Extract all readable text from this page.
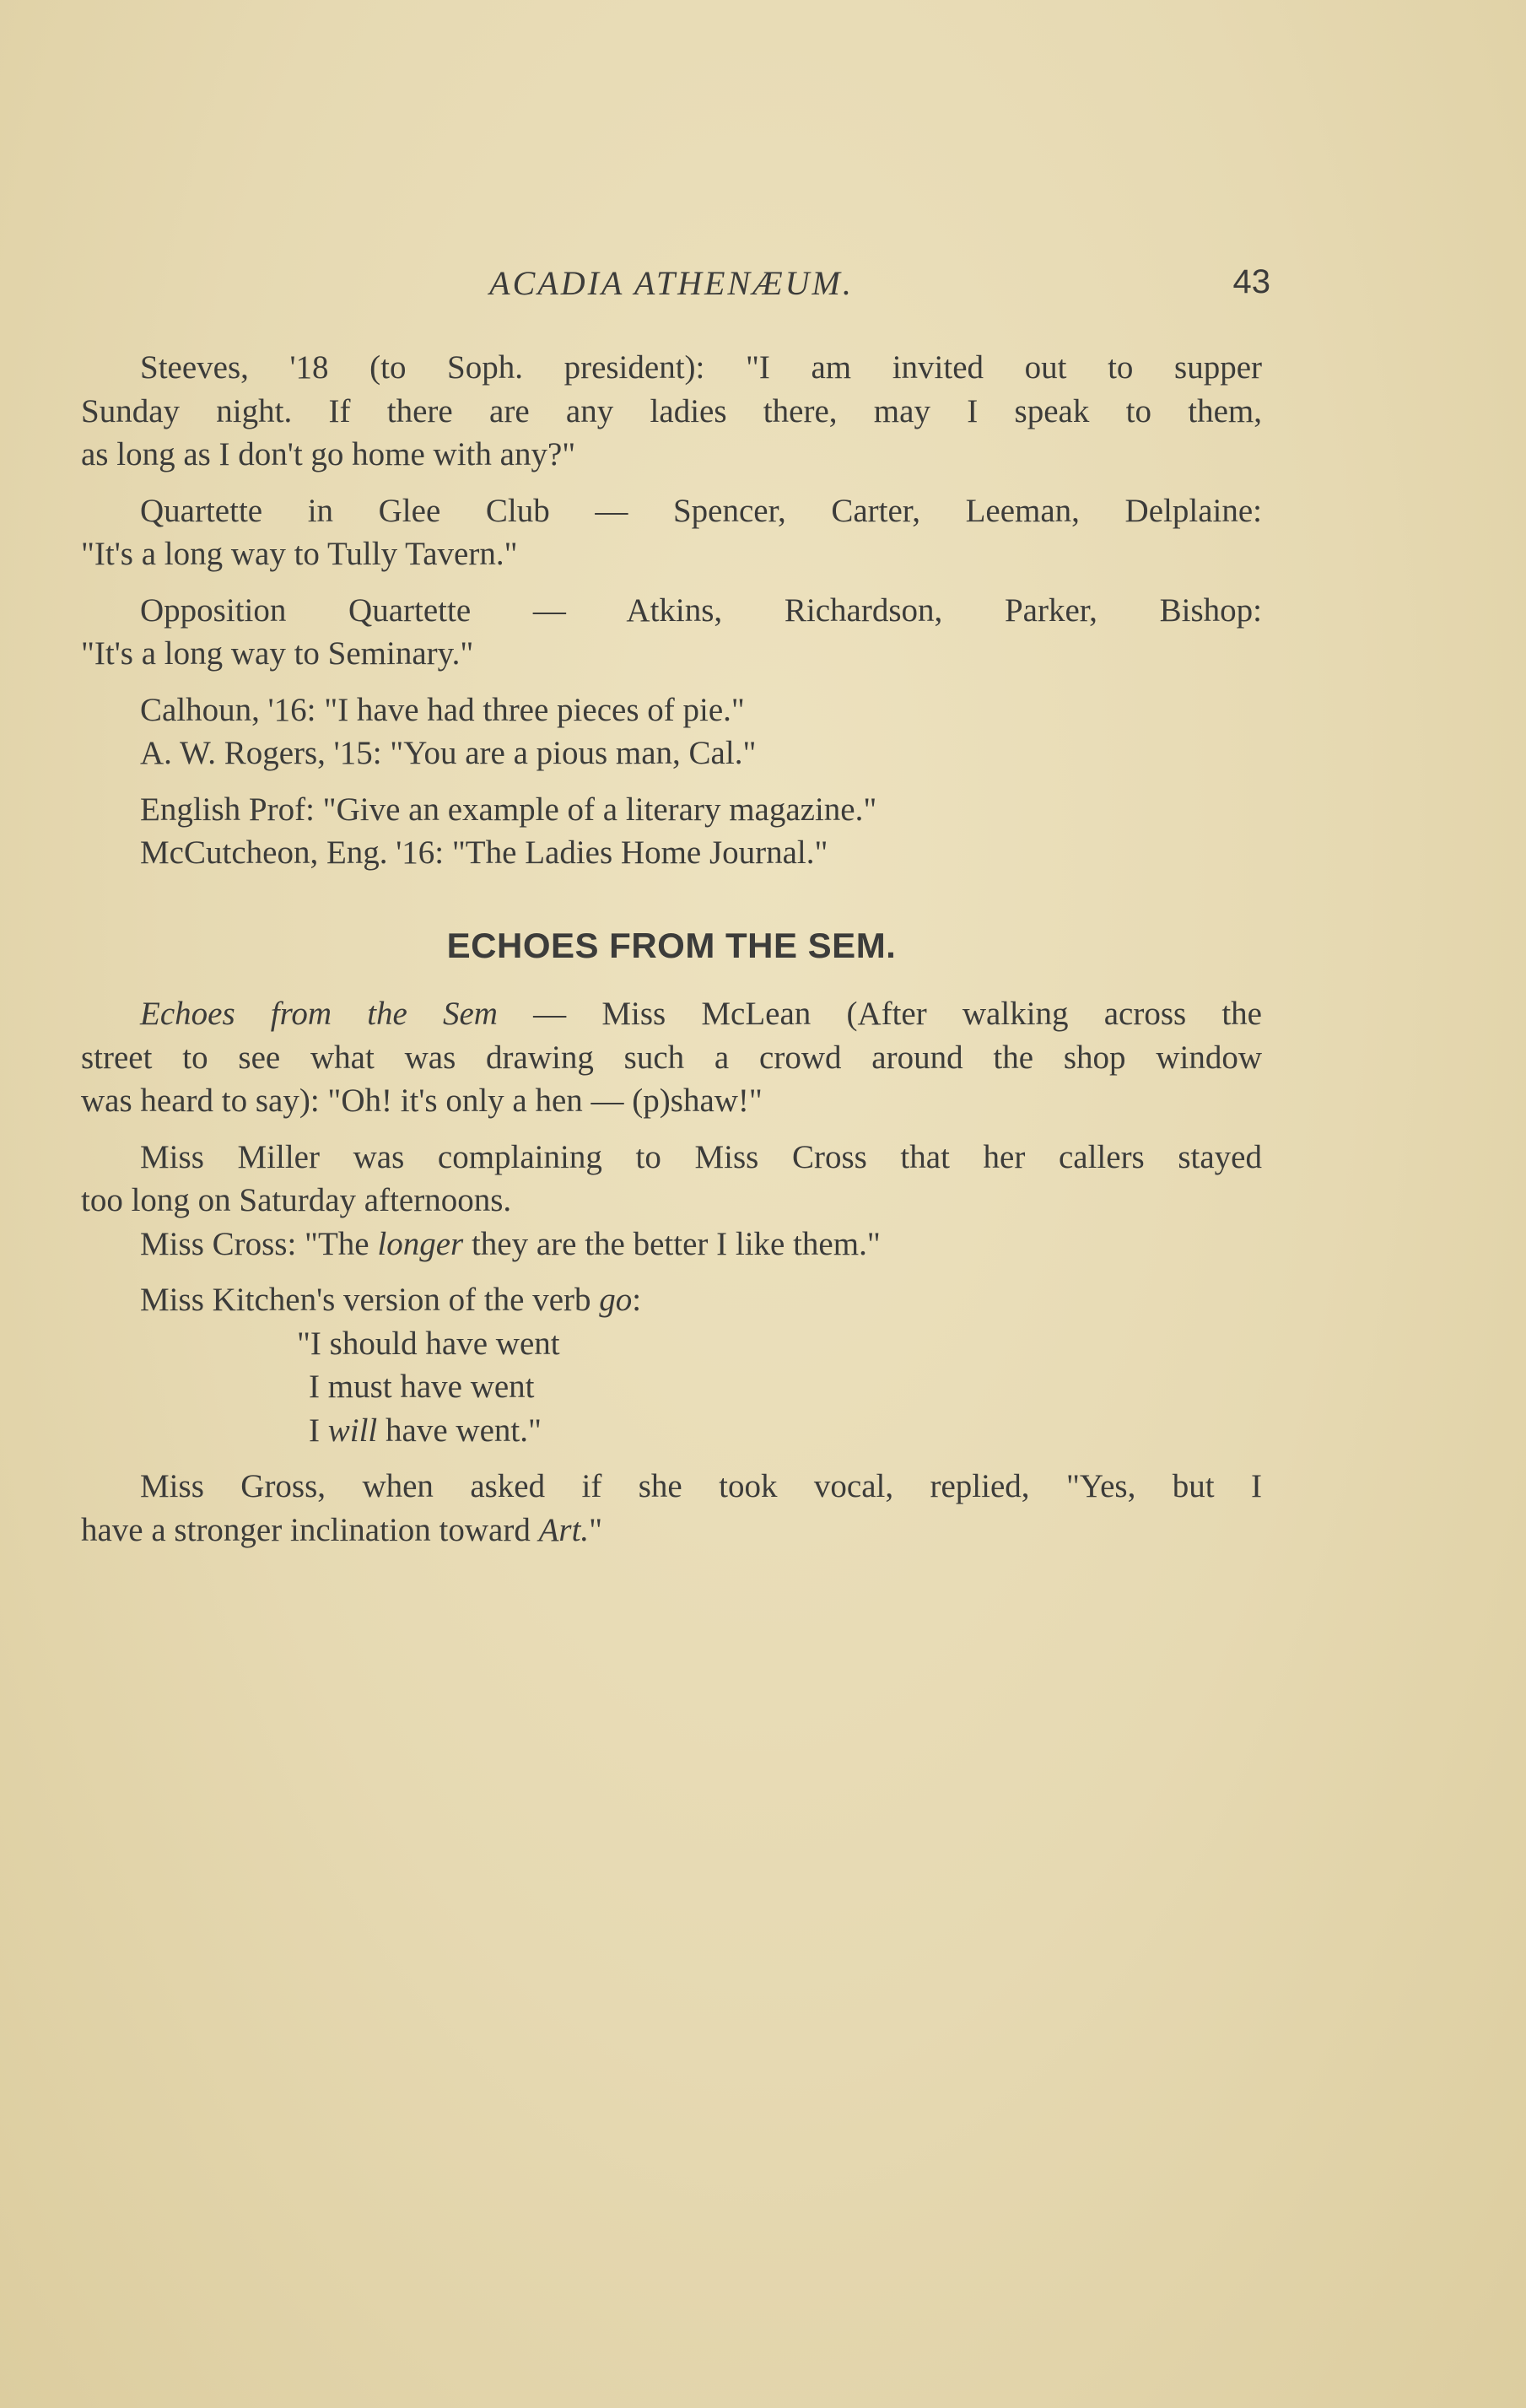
ACADIA ATHENÆUM.	43

Steeves, '18 (to Soph. president): "I am invited out to supper
Sunday night. If there are any ladies there, may I speak to them,
as long as I don't go home with any?"

Quartette in Glee Club — Spencer, Carter, Leeman, Delplaine:
"It's a long way to Tully Tavern."

Opposition Quartette — Atkins, Richardson, Parker, Bishop:
"It's a long way to Seminary."

Calhoun, '16: "I have had three pieces of pie."

A. W. Rogers, '15: "You are a pious man, Cal."

English Prof: "Give an example of a literary magazine."

McCutcheon, Eng. '16: "The Ladies Home Journal."

ECHOES FROM THE SEM.

Echoes from the Sem — Miss McLean (After walking across the
street to see what was drawing such a crowd around the shop window
was heard to say): "Oh! it's only a hen — (p)shaw!"

Miss Miller was complaining to Miss Cross that her callers stayed
too long on Saturday afternoons.

Miss Cross: "The longer they are the better I like them."

Miss Kitchen's version of the verb go:

"I should have went
I must have went
I will have went."

Miss Gross, when asked if she took vocal, replied, "Yes, but I
have a stronger inclination toward Art."
